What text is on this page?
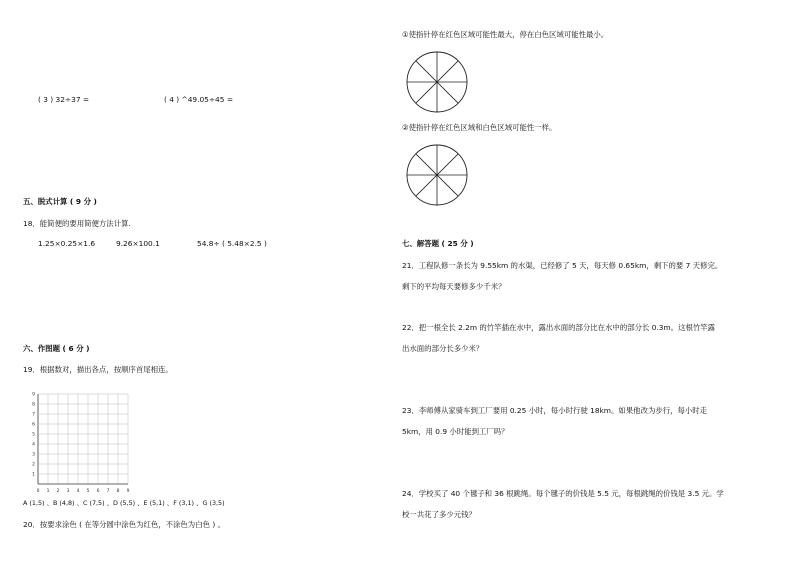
( 3 ) 32÷37 =	( 4 ) ^49.05÷45 =
五、脱式计算 ( 9 分 )
18．能简便的要用简便方法计算.
1.25×0.25×1.6	9.26×100.1	54.8÷ ( 5.48×2.5 )
六、作图题 ( 6 分 )
19．根据数对，描出各点，按顺序首尾相连。
0 1 2 3 4 5 6 7 8 9
1
2
3
4
5
6
7
8
9
A (1,5) 、B (4,8) 、C (7,5) 、D (5,5) 、E (5,1) 、F (3,1) 、G (3,5)
20．按要求涂色 ( 在等分圆中涂色为红色，不涂色为白色 ) 。
①使指针停在红色区域可能性最大，停在白色区域可能性最小。
②使指针停在红色区域和白色区域可能性一样。
七、解答题 ( 25 分 )
21．工程队修一条长为 9.55km 的水渠，已经修了 5 天，每天修 0.65km，剩下的要 7 天修完。
剩下的平均每天要修多少千米？
22．把一根全长 2.2m 的竹竿插在水中，露出水面的部分比在水中的部分长 0.3m。这根竹竿露
出水面的部分长多少米？
23．李师傅从家骑车到工厂要用 0.25 小时，每小时行驶 18km。如果他改为步行，每小时走
5km，用 0.9 小时能到工厂吗？
24．学校买了 40 个毽子和 36 根跳绳。每个毽子的价钱是 5.5 元，每根跳绳的价钱是 3.5 元。学
校一共花了多少元钱？
